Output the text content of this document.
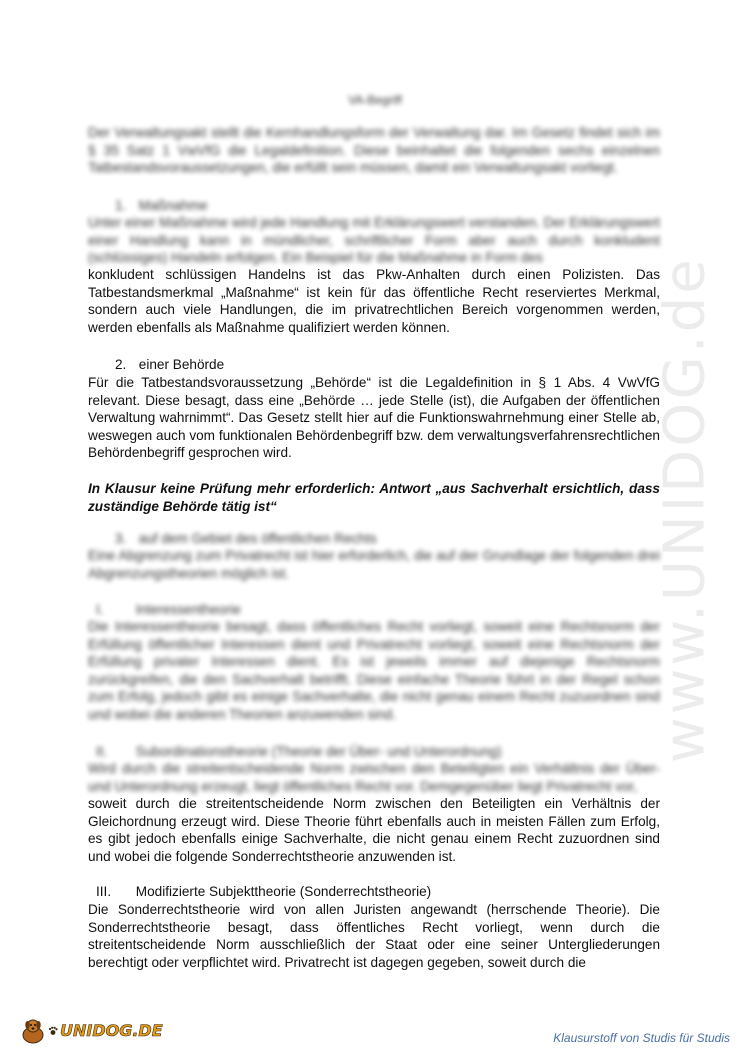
www.UNIDOG.de
VA-Begriff
Der Verwaltungsakt stellt die Kernhandlungsform der Verwaltung dar. Im Gesetz findet sich im § 35 Satz 1 VwVfG die Legaldefinition. Diese beinhaltet die folgenden sechs einzelnen Tatbestandsvoraussetzungen, die erfüllt sein müssen, damit ein Verwaltungsakt vorliegt.
1. Maßnahme
Unter einer Maßnahme wird jede Handlung mit Erklärungswert verstanden. Der Erklärungswert einer Handlung kann in mündlicher, schriftlicher Form aber auch durch konkludent (schlüssiges) Handeln erfolgen. Ein Beispiel für die Maßnahme in Form des
konkludent schlüssigen Handelns ist das Pkw-Anhalten durch einen Polizisten. Das Tatbestandsmerkmal „Maßnahme“ ist kein für das öffentliche Recht reserviertes Merkmal, sondern auch viele Handlungen, die im privatrechtlichen Bereich vorgenommen werden, werden ebenfalls als Maßnahme qualifiziert werden können.
2. einer Behörde
Für die Tatbestandsvoraussetzung „Behörde“ ist die Legaldefinition in § 1 Abs. 4 VwVfG relevant. Diese besagt, dass eine „Behörde … jede Stelle (ist), die Aufgaben der öffentlichen Verwaltung wahrnimmt“. Das Gesetz stellt hier auf die Funktionswahrnehmung einer Stelle ab, weswegen auch vom funktionalen Behördenbegriff bzw. dem verwaltungsverfahrensrechtlichen Behördenbegriff gesprochen wird.
In Klausur keine Prüfung mehr erforderlich: Antwort „aus Sachverhalt ersichtlich, dass zuständige Behörde tätig ist“
3. auf dem Gebiet des öffentlichen Rechts
Eine Abgrenzung zum Privatrecht ist hier erforderlich, die auf der Grundlage der folgenden drei Abgrenzungstheorien möglich ist.
I. Interessentheorie
Die Interessentheorie besagt, dass öffentliches Recht vorliegt, soweit eine Rechtsnorm der Erfüllung öffentlicher Interessen dient und Privatrecht vorliegt, soweit eine Rechtsnorm der Erfüllung privater Interessen dient. Es ist jeweils immer auf diejenige Rechtsnorm zurückgreifen, die den Sachverhalt betrifft. Diese einfache Theorie führt in der Regel schon zum Erfolg, jedoch gibt es einige Sachverhalte, die nicht genau einem Recht zuzuordnen sind und wobei die anderen Theorien anzuwenden sind.
II. Subordinationstheorie (Theorie der Über- und Unterordnung)
Wird durch die streitentscheidende Norm zwischen den Beteiligten ein Verhältnis der Über- und Unterordnung erzeugt, liegt öffentliches Recht vor. Demgegenüber liegt Privatrecht vor,
soweit durch die streitentscheidende Norm zwischen den Beteiligten ein Verhältnis der Gleichordnung erzeugt wird. Diese Theorie führt ebenfalls auch in meisten Fällen zum Erfolg, es gibt jedoch ebenfalls einige Sachverhalte, die nicht genau einem Recht zuzuordnen sind und wobei die folgende Sonderrechtstheorie anzuwenden ist.
III. Modifizierte Subjekttheorie (Sonderrechtstheorie)
Die Sonderrechtstheorie wird von allen Juristen angewandt (herrschende Theorie). Die Sonderrechtstheorie besagt, dass öffentliches Recht vorliegt, wenn durch die streitentscheidende Norm ausschließlich der Staat oder eine seiner Untergliederungen berechtigt oder verpflichtet wird. Privatrecht ist dagegen gegeben, soweit durch die
UNIDOG.DE	Klausurstoff von Studis für Studis
